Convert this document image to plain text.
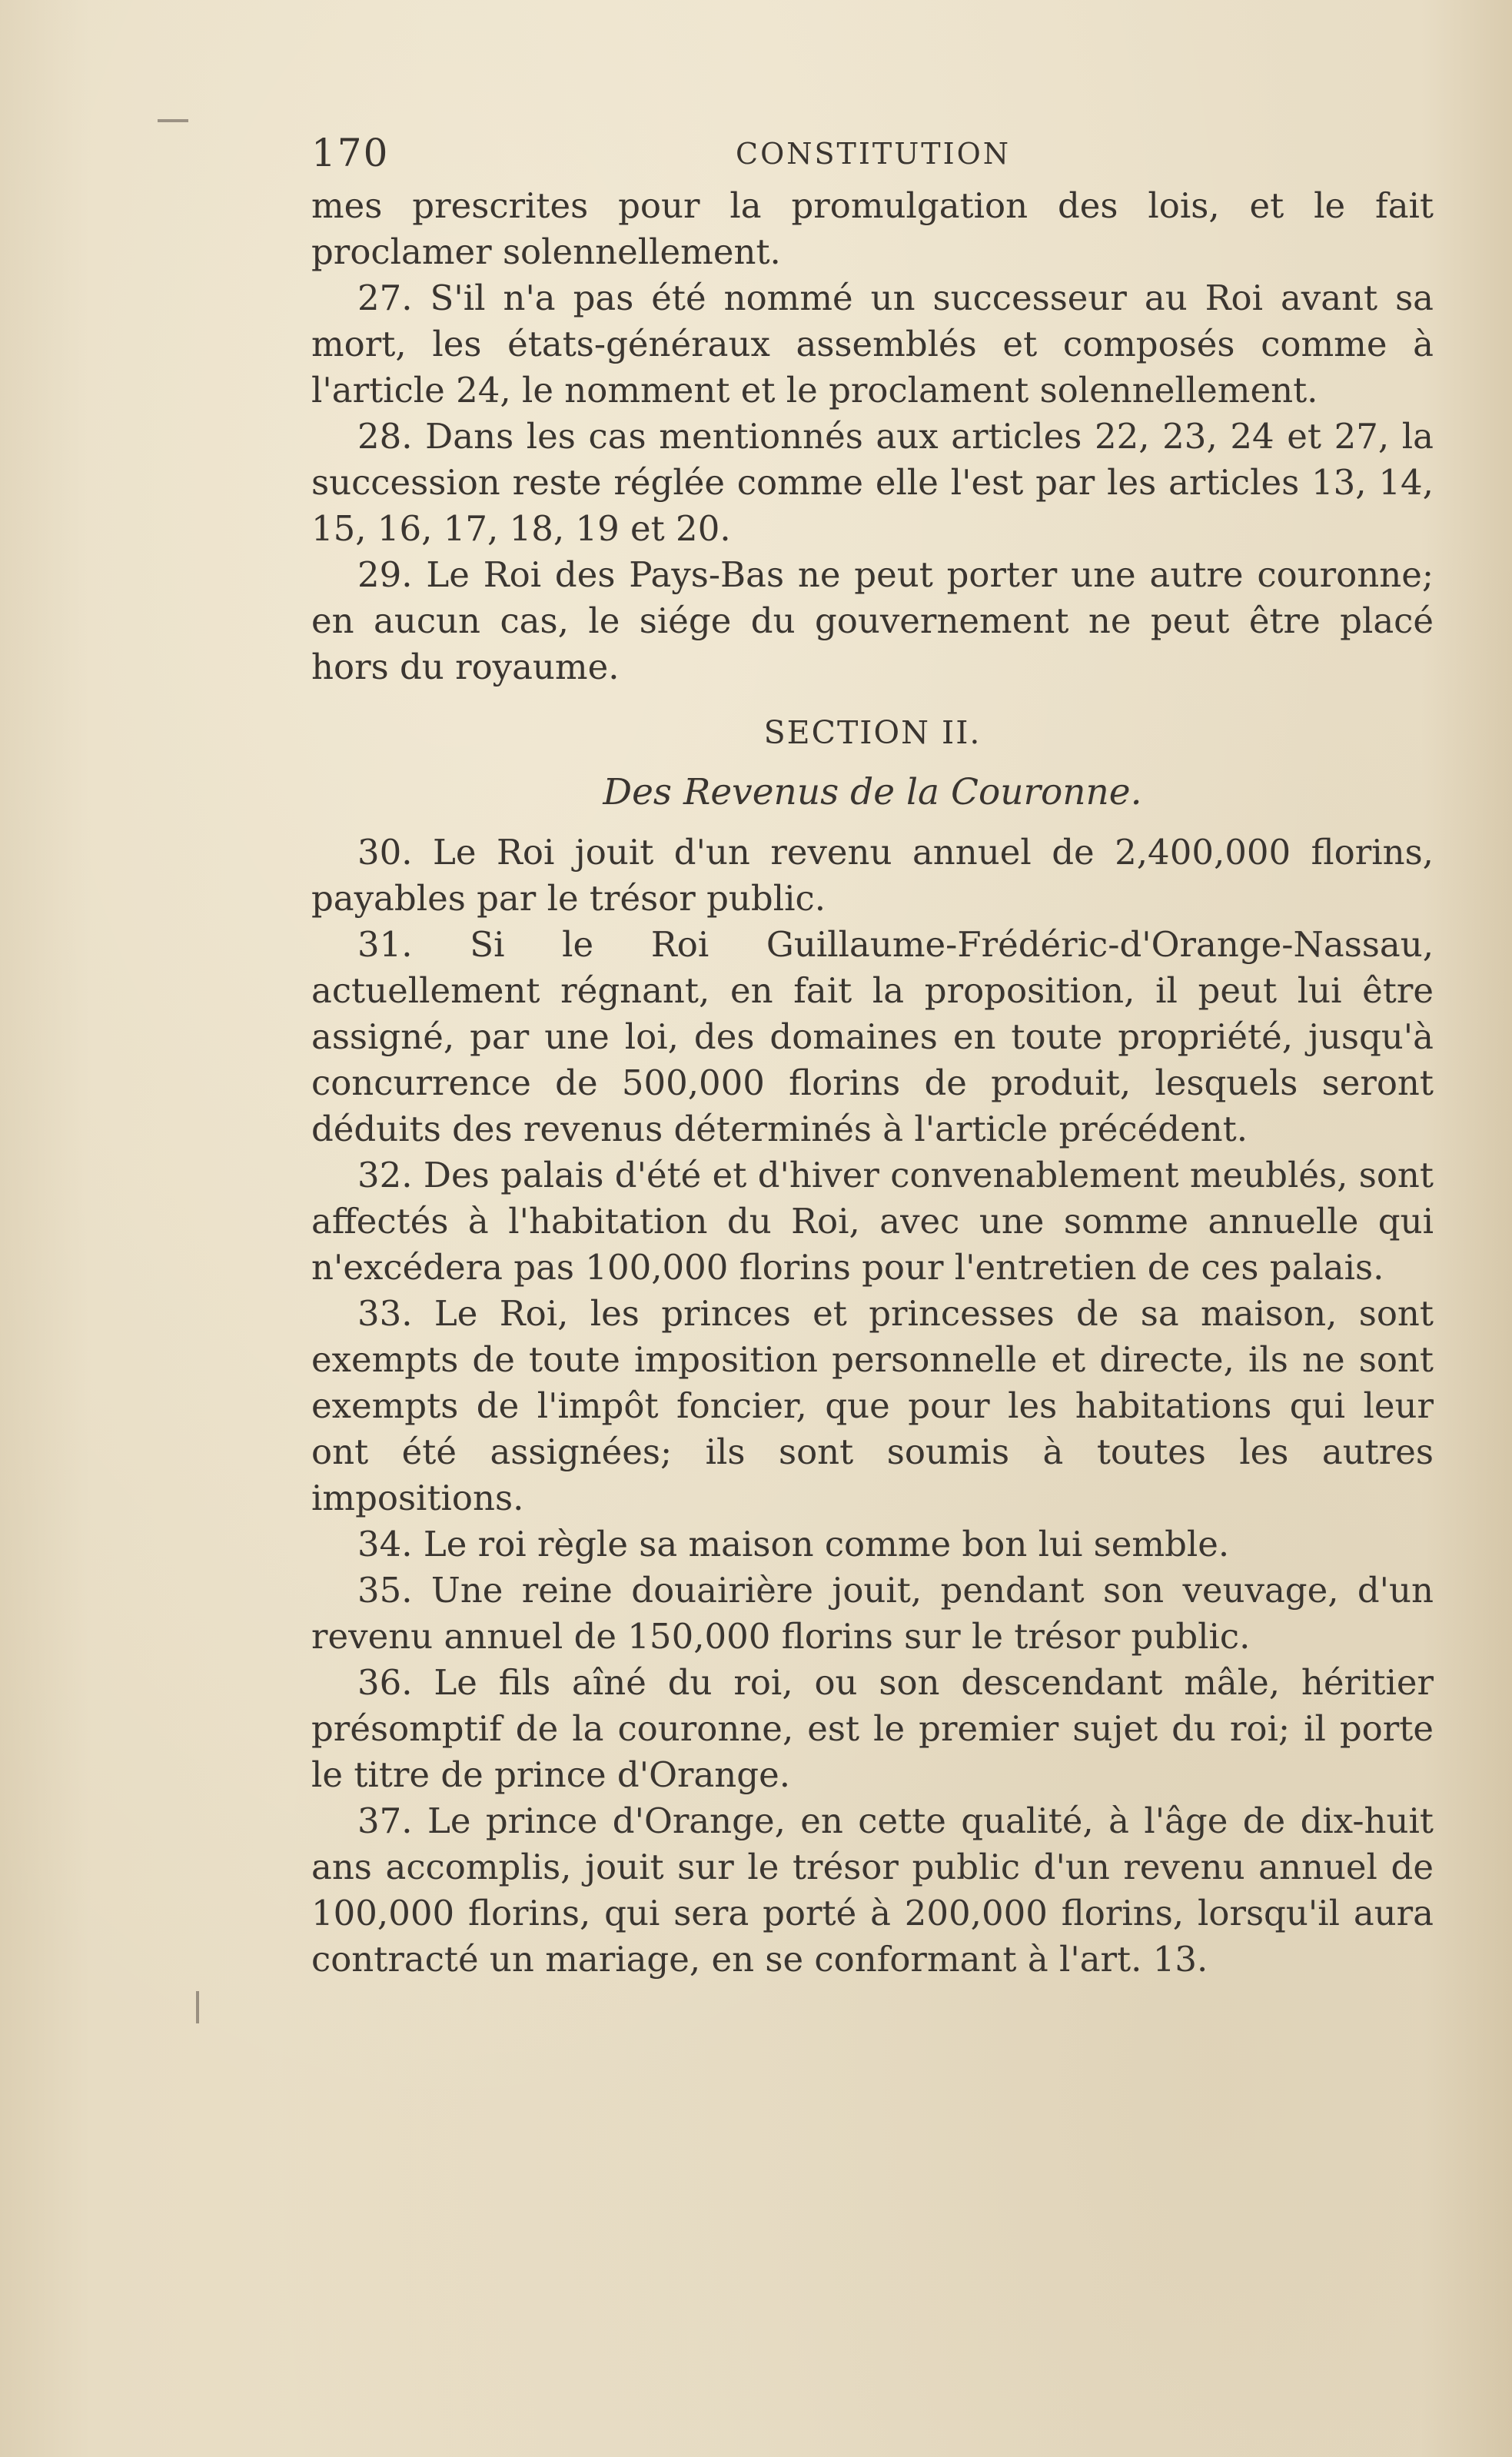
170	CONSTITUTION

mes prescrites pour la promulgation des lois, et le fait proclamer solennellement.

27. S'il n'a pas été nommé un successeur au Roi avant sa mort, les états-généraux assemblés et composés comme à l'article 24, le nomment et le proclament solennellement.

28. Dans les cas mentionnés aux articles 22, 23, 24 et 27, la succession reste réglée comme elle l'est par les articles 13, 14, 15, 16, 17, 18, 19 et 20.

29. Le Roi des Pays-Bas ne peut porter une autre couronne; en aucun cas, le siége du gouvernement ne peut être placé hors du royaume.

SECTION II.
Des Revenus de la Couronne.

30. Le Roi jouit d'un revenu annuel de 2,400,000 florins, payables par le trésor public.

31. Si le Roi Guillaume-Frédéric-d'Orange-Nassau, actuellement régnant, en fait la proposition, il peut lui être assigné, par une loi, des domaines en toute propriété, jusqu'à concurrence de 500,000 florins de produit, lesquels seront déduits des revenus déterminés à l'article précédent.

32. Des palais d'été et d'hiver convenablement meublés, sont affectés à l'habitation du Roi, avec une somme annuelle qui n'excédera pas 100,000 florins pour l'entretien de ces palais.

33. Le Roi, les princes et princesses de sa maison, sont exempts de toute imposition personnelle et directe, ils ne sont exempts de l'impôt foncier, que pour les habitations qui leur ont été assignées; ils sont soumis à toutes les autres impositions.

34. Le roi règle sa maison comme bon lui semble.

35. Une reine douairière jouit, pendant son veuvage, d'un revenu annuel de 150,000 florins sur le trésor public.

36. Le fils aîné du roi, ou son descendant mâle, héritier présomptif de la couronne, est le premier sujet du roi; il porte le titre de prince d'Orange.

37. Le prince d'Orange, en cette qualité, à l'âge de dix-huit ans accomplis, jouit sur le trésor public d'un revenu annuel de 100,000 florins, qui sera porté à 200,000 florins, lorsqu'il aura contracté un mariage, en se conformant à l'art. 13.
